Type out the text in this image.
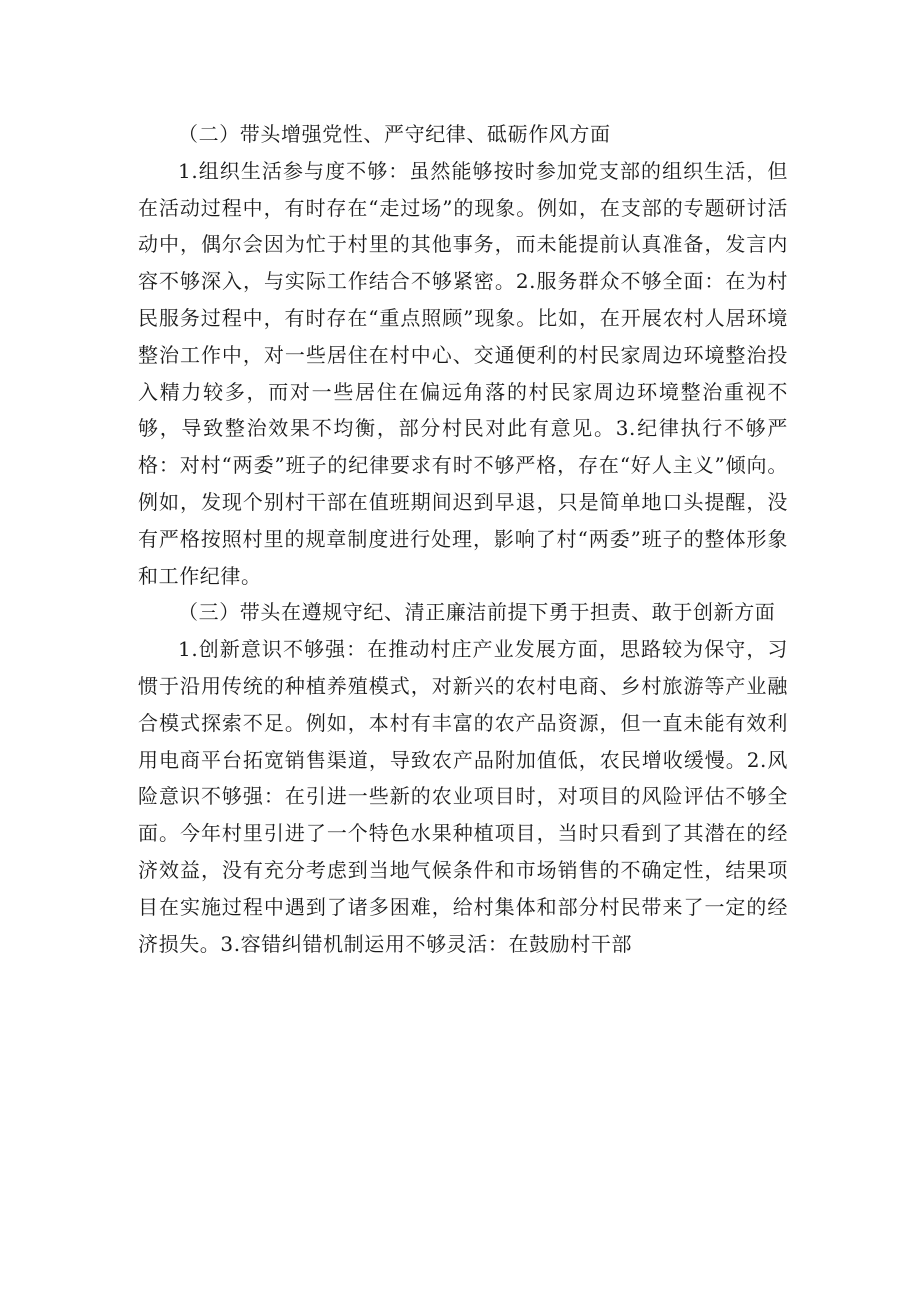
（二）带头增强党性、严守纪律、砥砺作风方面

1.组织生活参与度不够：虽然能够按时参加党支部的组织生活，但在活动过程中，有时存在“走过场”的现象。例如，在支部的专题研讨活动中，偶尔会因为忙于村里的其他事务，而未能提前认真准备，发言内容不够深入，与实际工作结合不够紧密。2.服务群众不够全面：在为村民服务过程中，有时存在“重点照顾”现象。比如，在开展农村人居环境整治工作中，对一些居住在村中心、交通便利的村民家周边环境整治投入精力较多，而对一些居住在偏远角落的村民家周边环境整治重视不够，导致整治效果不均衡，部分村民对此有意见。3.纪律执行不够严格：对村“两委”班子的纪律要求有时不够严格，存在“好人主义”倾向。例如，发现个别村干部在值班期间迟到早退，只是简单地口头提醒，没有严格按照村里的规章制度进行处理，影响了村“两委”班子的整体形象和工作纪律。

（三）带头在遵规守纪、清正廉洁前提下勇于担责、敢于创新方面

1.创新意识不够强：在推动村庄产业发展方面，思路较为保守，习惯于沿用传统的种植养殖模式，对新兴的农村电商、乡村旅游等产业融合模式探索不足。例如，本村有丰富的农产品资源，但一直未能有效利用电商平台拓宽销售渠道，导致农产品附加值低，农民增收缓慢。2.风险意识不够强：在引进一些新的农业项目时，对项目的风险评估不够全面。今年村里引进了一个特色水果种植项目，当时只看到了其潜在的经济效益，没有充分考虑到当地气候条件和市场销售的不确定性，结果项目在实施过程中遇到了诸多困难，给村集体和部分村民带来了一定的经济损失。3.容错纠错机制运用不够灵活：在鼓励村干部
